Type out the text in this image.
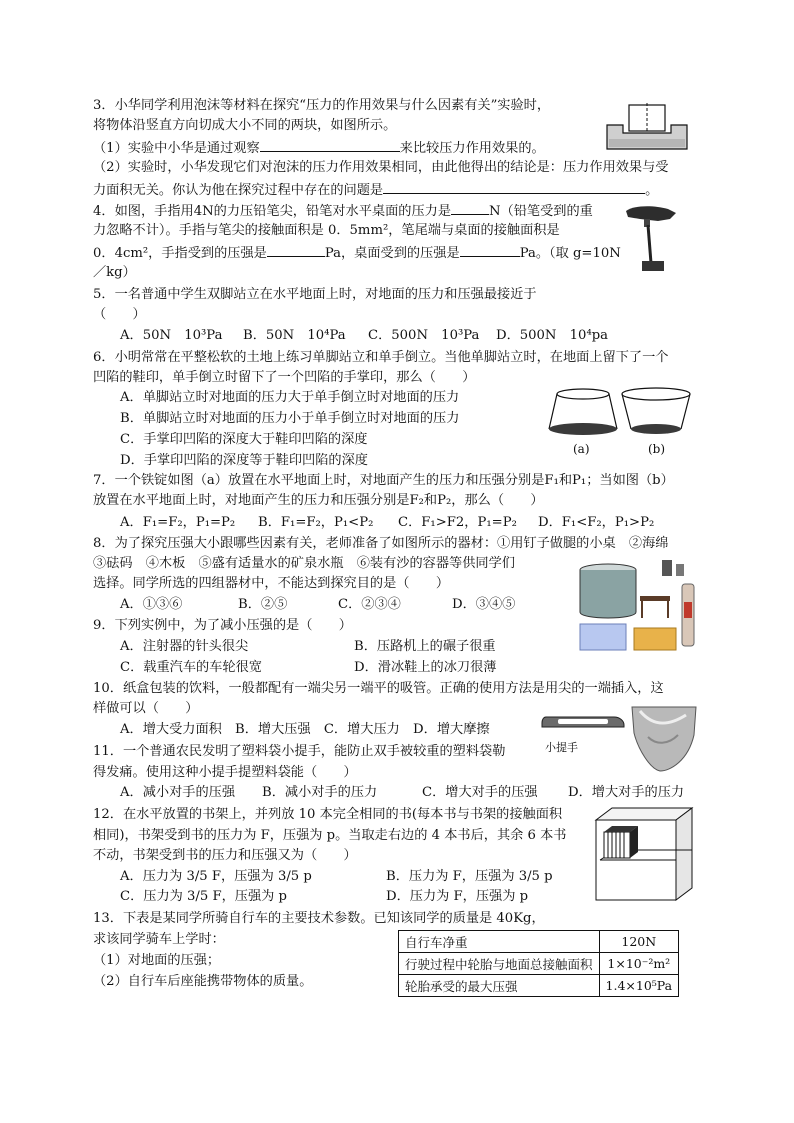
3．小华同学利用泡沫等材料在探究“压力的作用效果与什么因素有关”实验时，
将物体沿竖直方向切成大小不同的两块，如图所示。
（1）实验中小华是通过观察	来比较压力作用效果的。
（2）实验时，小华发现它们对泡沫的压力作用效果相同，由此他得出的结论是：压力作用效果与受
力面积无关。你认为他在探究过程中存在的问题是	。
4．如图，手指用4N的力压铅笔尖，铅笔对水平桌面的压力是	N（铅笔受到的重
力忽略不计）。手指与笔尖的接触面积是 0．5mm²，笔尾端与桌面的接触面积是
0．4cm²，手指受到的压强是	Pa，桌面受到的压强是	Pa。（取 g=10N
／kg）
5．一名普通中学生双脚站立在水平地面上时，对地面的压力和压强最接近于
（　　）
A．50N　10³Pa B．50N　10⁴Pa C．500N　10³Pa D．500N　10⁴pa
6．小明常常在平整松软的土地上练习单脚站立和单手倒立。当他单脚站立时，在地面上留下了一个
凹陷的鞋印，单手倒立时留下了一个凹陷的手掌印，那么（　　）
A．单脚站立时对地面的压力大于单手倒立时对地面的压力
B．单脚站立时对地面的压力小于单手倒立时对地面的压力
C．手掌印凹陷的深度大于鞋印凹陷的深度
D．手掌印凹陷的深度等于鞋印凹陷的深度
(a)	(b)
7．一个铁锭如图（a）放置在水平地面上时，对地面产生的压力和压强分别是F₁和P₁；当如图（b）
放置在水平地面上时，对地面产生的压力和压强分别是F₂和P₂，那么（　　）
A．F₁=F₂，P₁=P₂ B．F₁=F₂，P₁<P₂ C．F₁>F2，P₁=P₂ D．F₁<F₂，P₁>P₂
8．为了探究压强大小跟哪些因素有关，老师准备了如图所示的器材：①用钉子做腿的小桌　②海绵
③砝码　④木板　⑤盛有适量水的矿泉水瓶　⑥装有沙的容器等供同学们
选择。同学所选的四组器材中，不能达到探究目的是（　　）
A．①③⑥	B．②⑤	C．②③④	D．③④⑤
9．下列实例中，为了减小压强的是（　　）
A．注射器的针头很尖	B．压路机上的碾子很重
C．载重汽车的车轮很宽	D．滑冰鞋上的冰刀很薄
10．纸盒包装的饮料，一般都配有一端尖另一端平的吸管。正确的使用方法是用尖的一端插入，这
样做可以（　　）
A．增大受力面积　B．增大压强　C．增大压力　D．增大摩擦
小提手
11．一个普通农民发明了塑料袋小提手，能防止双手被较重的塑料袋勒
得发痛。使用这种小提手提塑料袋能（　　）
A．减小对手的压强 B．减小对手的压力	C．增大对手的压强 D．增大对手的压力
12．在水平放置的书架上，并列放 10 本完全相同的书(每本书与书架的接触面积
相同)，书架受到书的压力为 F，压强为 p。当取走右边的 4 本书后，其余 6 本书
不动，书架受到书的压力和压强又为（　　）
A．压力为 3/5 F，压强为 3/5 p	B．压力为 F，压强为 3/5 p
C．压力为 3/5 F，压强为 p	D．压力为 F，压强为 p
13．下表是某同学所骑自行车的主要技术参数。已知该同学的质量是 40Kg，
求该同学骑车上学时：
（1）对地面的压强；
（2）自行车后座能携带物体的质量。
自行车净重	120N
行驶过程中轮胎与地面总接触面积	1×10⁻²m²
轮胎承受的最大压强	1.4×10⁵Pa
